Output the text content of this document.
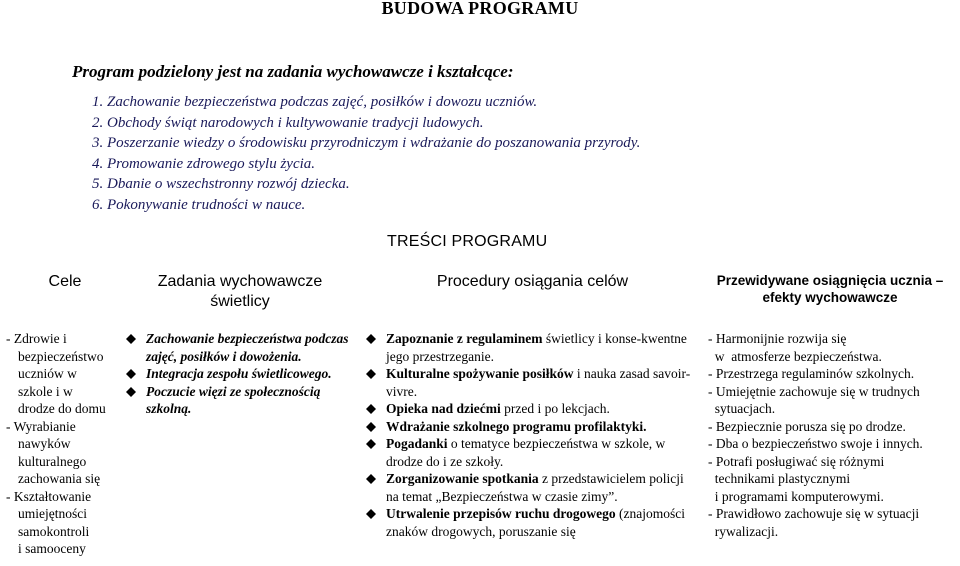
BUDOWA PROGRAMU
Program podzielony jest na zadania wychowawcze i kształcące:
1. Zachowanie bezpieczeństwa podczas zajęć, posiłków i dowozu uczniów.
2. Obchody świąt narodowych i kultywowanie tradycji ludowych.
3. Poszerzanie wiedzy o środowisku przyrodniczym i wdrażanie do poszanowania przyrody.
4. Promowanie zdrowego stylu życia.
5. Dbanie o wszechstronny rozwój dziecka.
6. Pokonywanie trudności w nauce.
TREŚCI PROGRAMU
Cele	Zadania wychowawcze
świetlicy
Procedury osiągania celów	Przewidywane osiągnięcia ucznia –
efekty wychowawcze
- Zdrowie i
bezpieczeństwo
uczniów w
szkole i w
drodze do domu
- Wyrabianie
nawyków
kulturalnego
zachowania się
- Kształtowanie
umiejętności
samokontroli
i samooceny
Zachowanie bezpieczeństwa podczas zajęć, posiłków i dowożenia.
Integracja zespołu świetlicowego.
Poczucie więzi ze społecznością szkolną.
Zapoznanie z regulaminem świetlicy i konse-kwentne jego przestrzeganie.
Kulturalne spożywanie posiłków i nauka zasad savoir-vivre.
Opieka nad dziećmi przed i po lekcjach.
Wdrażanie szkolnego programu profilaktyki.
Pogadanki o tematyce bezpieczeństwa w szkole, w drodze do i ze szkoły.
Zorganizowanie spotkania z przedstawicielem policji na temat „Bezpieczeństwa w czasie zimy”.
Utrwalenie przepisów ruchu drogowego (znajomości znaków drogowych, poruszanie się
- Harmonijnie rozwija się
w  atmosferze bezpieczeństwa.
- Przestrzega regulaminów szkolnych.
- Umiejętnie zachowuje się w trudnych
sytuacjach.
- Bezpiecznie porusza się po drodze.
- Dba o bezpieczeństwo swoje i innych.
- Potrafi posługiwać się różnymi
technikami plastycznymi
i programami komputerowymi.
- Prawidłowo zachowuje się w sytuacji
rywalizacji.
